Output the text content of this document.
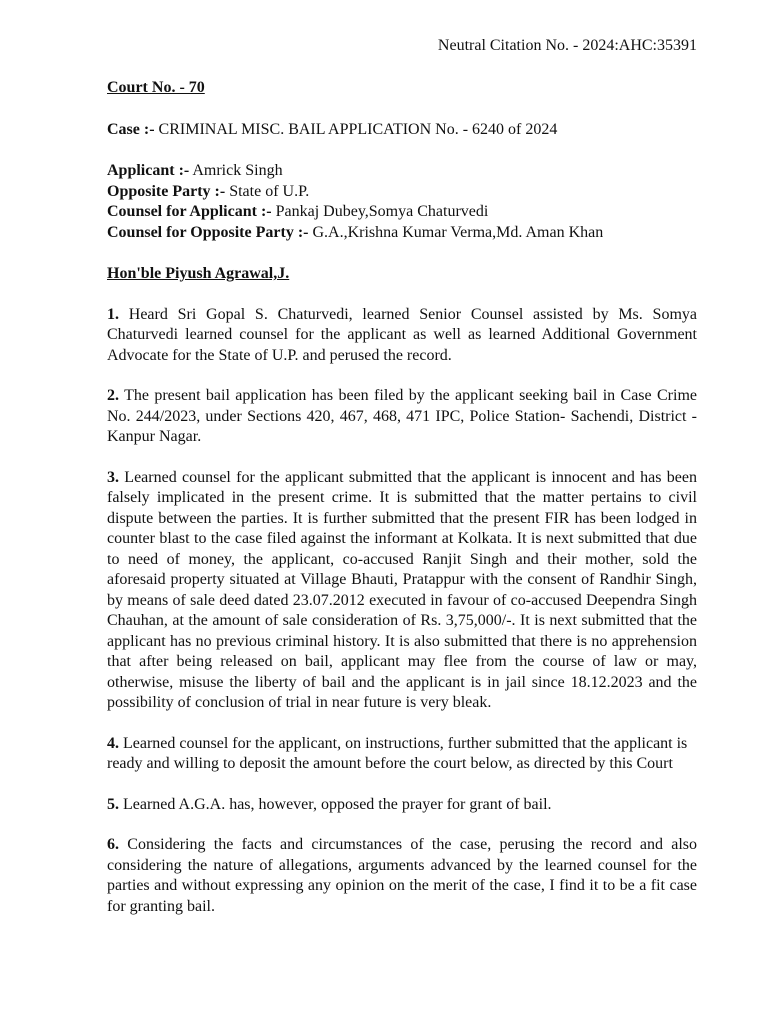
Neutral Citation No. - 2024:AHC:35391
Court No. - 70
Case :- CRIMINAL MISC. BAIL APPLICATION No. - 6240 of 2024
Applicant :- Amrick Singh
Opposite Party :- State of U.P.
Counsel for Applicant :- Pankaj Dubey,Somya Chaturvedi
Counsel for Opposite Party :- G.A.,Krishna Kumar Verma,Md. Aman Khan
Hon'ble Piyush Agrawal,J.

1. Heard Sri Gopal S. Chaturvedi, learned Senior Counsel assisted by Ms. Somya Chaturvedi learned counsel for the applicant as well as learned Additional Government Advocate for the State of U.P. and perused the record.

2. The present bail application has been filed by the applicant seeking bail in Case Crime No. 244/2023, under Sections 420, 467, 468, 471 IPC, Police Station- Sachendi, District - Kanpur Nagar.

3. Learned counsel for the applicant submitted that the applicant is innocent and has been falsely implicated in the present crime. It is submitted that the matter pertains to civil dispute between the parties. It is further submitted that the present FIR has been lodged in counter blast to the case filed against the informant at Kolkata. It is next submitted that due to need of money, the applicant, co-accused Ranjit Singh and their mother, sold the aforesaid property situated at Village Bhauti, Pratappur with the consent of Randhir Singh, by means of sale deed dated 23.07.2012 executed in favour of co-accused Deependra Singh Chauhan, at the amount of sale consideration of Rs. 3,75,000/-. It is next submitted that the applicant has no previous criminal history. It is also submitted that there is no apprehension that after being released on bail, applicant may flee from the course of law or may, otherwise, misuse the liberty of bail and the applicant is in jail since 18.12.2023 and the possibility of conclusion of trial in near future is very bleak.

4. Learned counsel for the applicant, on instructions, further submitted that the applicant is ready and willing to deposit the amount before the court below, as directed by this Court

5. Learned A.G.A. has, however, opposed the prayer for grant of bail.

6. Considering the facts and circumstances of the case, perusing the record and also considering the nature of allegations, arguments advanced by the learned counsel for the parties and without expressing any opinion on the merit of the case, I find it to be a fit case for granting bail.
